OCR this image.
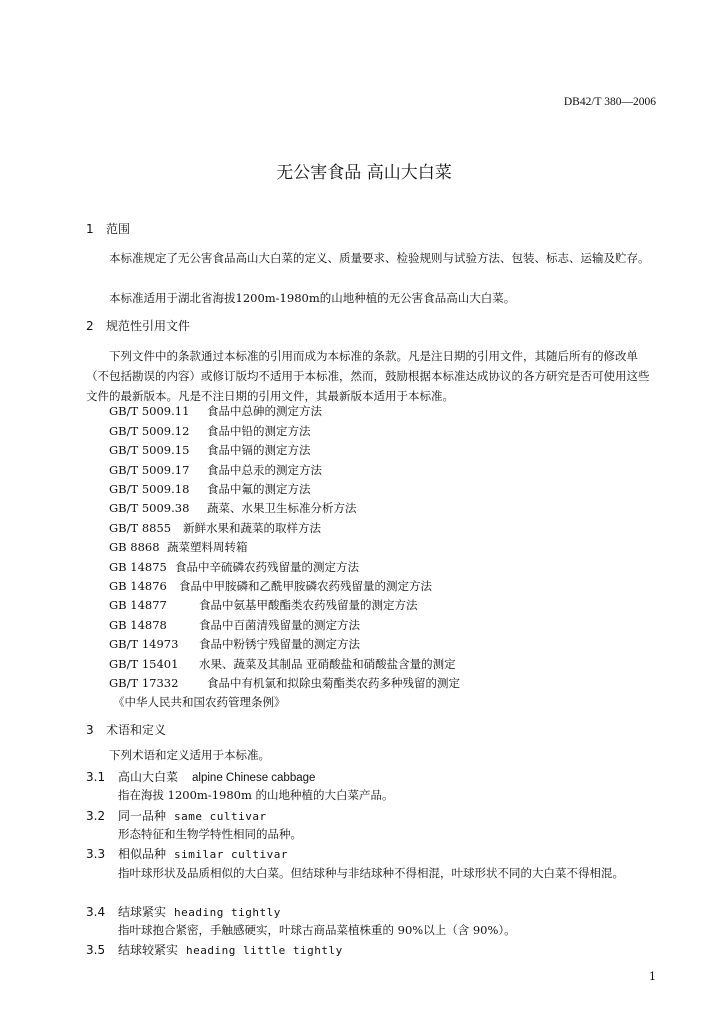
DB42/T 380—2006
无公害食品 高山大白菜
1 范围
本标准规定了无公害食品高山大白菜的定义、质量要求、检验规则与试验方法、包装、标志、运输及贮存。
本标准适用于湖北省海拔1200m-1980m的山地种植的无公害食品高山大白菜。
2 规范性引用文件
下列文件中的条款通过本标准的引用而成为本标准的条款。凡是注日期的引用文件，其随后所有的修改单（不包括勘误的内容）或修订版均不适用于本标准，然而，鼓励根据本标准达成协议的各方研究是否可使用这些文件的最新版本。凡是不注日期的引用文件，其最新版本适用于本标准。
GB/T 5009.11 食品中总砷的测定方法
GB/T 5009.12 食品中铅的测定方法
GB/T 5009.15 食品中镉的测定方法
GB/T 5009.17 食品中总汞的测定方法
GB/T 5009.18 食品中氟的测定方法
GB/T 5009.38 蔬菜、水果卫生标准分析方法
GB/T 8855 新鲜水果和蔬菜的取样方法
GB 8868 蔬菜塑料周转箱
GB 14875 食品中辛硫磷农药残留量的测定方法
GB 14876 食品中甲胺磷和乙酰甲胺磷农药残留量的测定方法
GB 14877	食品中氨基甲酸酯类农药残留量的测定方法
GB 14878	食品中百菌清残留量的测定方法
GB/T 14973 食品中粉锈宁残留量的测定方法
GB/T 15401 水果、蔬菜及其制品 亚硝酸盐和硝酸盐含量的测定
GB/T 17332 食品中有机氯和拟除虫菊酯类农药多种残留的测定
《中华人民共和国农药管理条例》
3 术语和定义
下列术语和定义适用于本标准。
3.1 高山大白菜 alpine Chinese cabbage
指在海拔 1200m-1980m 的山地种植的大白菜产品。
3.2 同一品种 same cultivar
形态特征和生物学特性相同的品种。
3.3 相似品种 similar cultivar
指叶球形状及品质相似的大白菜。但结球种与非结球种不得相混，叶球形状不同的大白菜不得相混。
3.4 结球紧实 heading tightly
指叶球抱合紧密，手触感硬实，叶球古商品菜植株重的 90%以上（含 90%）。
3.5 结球较紧实 heading little tightly
1
